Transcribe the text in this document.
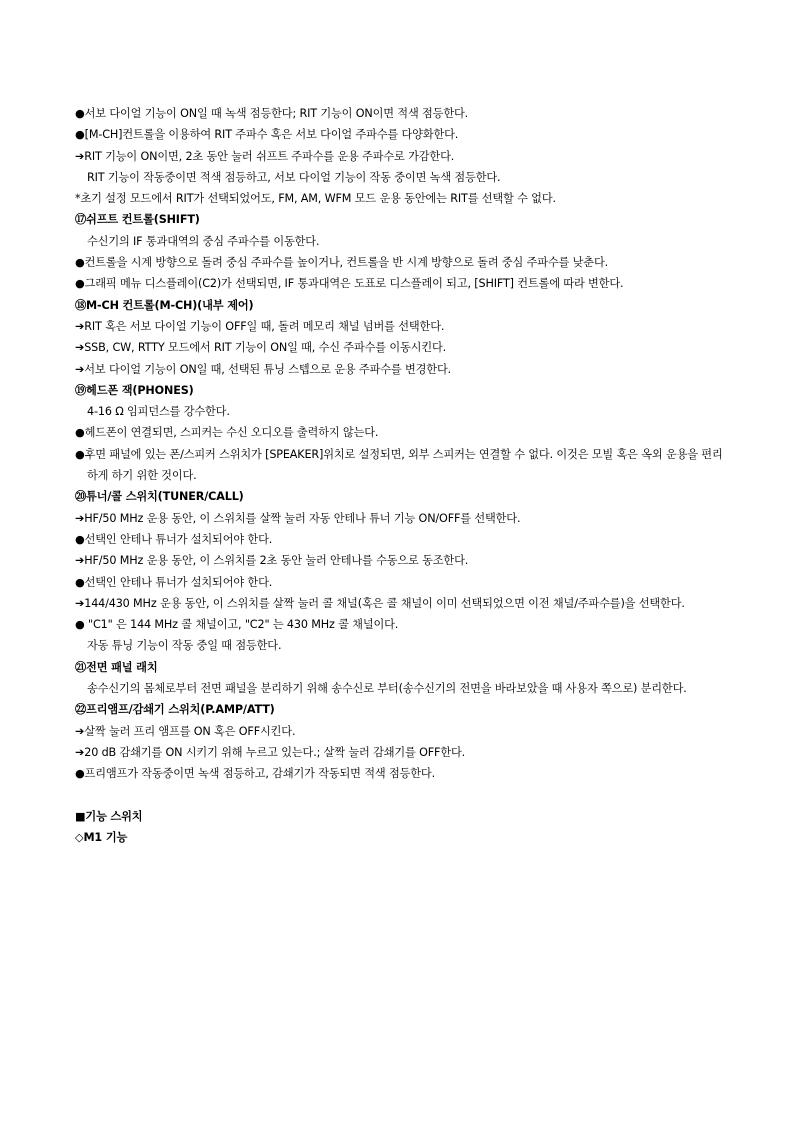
●서보 다이얼 기능이 ON일 때 녹색 점등한다; RIT 기능이 ON이면 적색 점등한다.
●[M-CH]컨트롤을 이용하여 RIT 주파수 혹은 서보 다이얼 주파수를 다양화한다.
➔RIT 기능이 ON이면, 2초 동안 눌러 쉬프트 주파수를 운용 주파수로 가감한다.
RIT 기능이 작동중이면 적색 점등하고, 서보 다이얼 기능이 작동 중이면 녹색 점등한다.
*초기 설정 모드에서 RIT가 선택되었어도, FM, AM, WFM 모드 운용 동안에는 RIT를 선택할 수 없다.
⑰쉬프트 컨트롤(SHIFT)
수신기의 IF 통과대역의 중심 주파수를 이동한다.
●컨트롤을 시계 방향으로 돌려 중심 주파수를 높이거나, 컨트롤을 반 시계 방향으로 돌려 중심 주파수를 낮춘다.
●그래픽 메뉴 디스플레이(C2)가 선택되면, IF 통과대역은 도표로 디스플레이 되고, [SHIFT] 컨트롤에 따라 변한다.
⑱M-CH 컨트롤(M-CH)(내부 제어)
➔RIT 혹은 서보 다이얼 기능이 OFF일 때, 돌려 메모리 채널 넘버를 선택한다.
➔SSB, CW, RTTY 모드에서 RIT 기능이 ON일 때, 수신 주파수를 이동시킨다.
➔서보 다이얼 기능이 ON일 때, 선택된 튜닝 스텝으로 운용 주파수를 변경한다.
⑲헤드폰 잭(PHONES)
4-16 Ω 임피던스를 강수한다.
●헤드폰이 연결되면, 스피커는 수신 오디오를 출력하지 않는다.
●후면 패널에 있는 폰/스피커 스위치가 [SPEAKER]위치로 설정되면, 외부 스피커는 연결할 수 없다. 이것은 모빌 혹은 옥외 운용을 편리하게 하기 위한 것이다.
⑳튜너/콜 스위치(TUNER/CALL)
➔HF/50 MHz 운용 동안, 이 스위치를 살짝 눌러 자동 안테나 튜너 기능 ON/OFF를 선택한다.
●선택인 안테나 튜너가 설치되어야 한다.
➔HF/50 MHz 운용 동안, 이 스위치를 2초 동안 눌러 안테나를 수동으로 동조한다.
●선택인 안테나 튜너가 설치되어야 한다.
➔144/430 MHz 운용 동안, 이 스위치를 살짝 눌러 콜 채널(혹은 콜 채널이 이미 선택되었으면 이전 채널/주파수를)을 선택한다.
● "C1" 은 144 MHz 콜 채널이고, "C2" 는 430 MHz 콜 채널이다.
자동 튜닝 기능이 작동 중일 때 점등한다.
㉑전면 패널 래치
송수신기의 몸체로부터 전면 패널을 분리하기 위해 송수신로 부터(송수신기의 전면을 바라보았을 때 사용자 쪽으로) 분리한다.
㉒프리앰프/감쇄기 스위치(P.AMP/ATT)
➔살짝 눌러 프리 앰프를 ON 혹은 OFF시킨다.
➔20 dB 감쇄기를 ON 시키기 위해 누르고 있는다.; 살짝 눌러 감쇄기를 OFF한다.
●프리앰프가 작동중이면 녹색 점등하고, 감쇄기가 작동되면 적색 점등한다.
■기능 스위치
◇M1 기능
